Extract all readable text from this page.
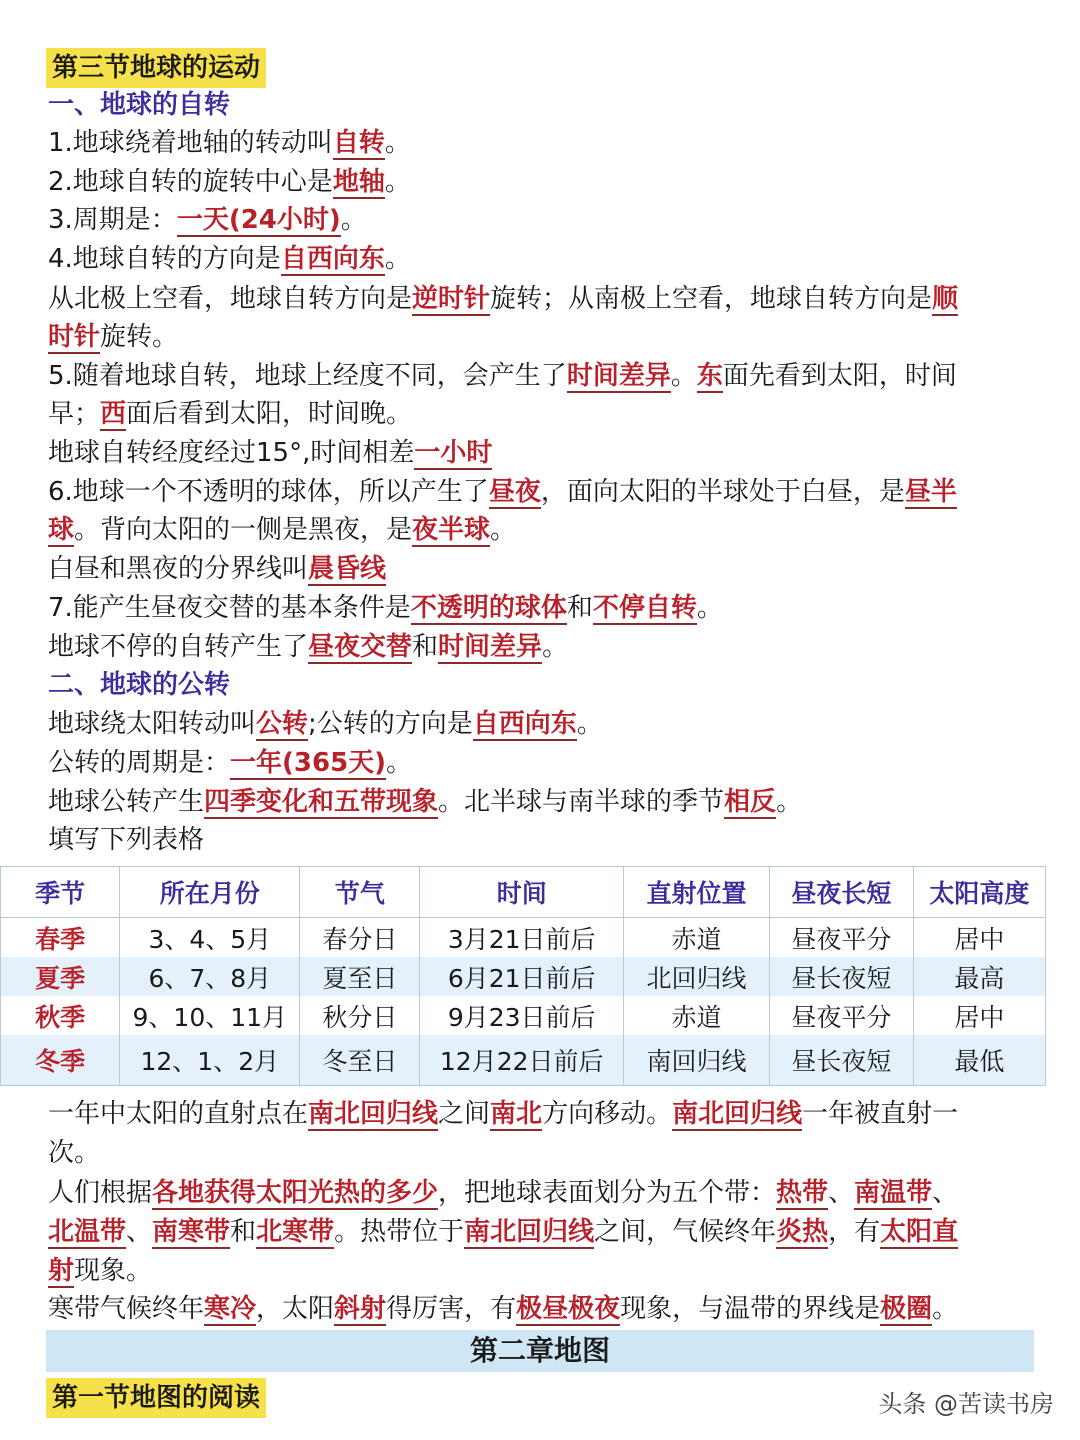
第三节地球的运动
一、地球的自转
1.地球绕着地轴的转动叫自转。
2.地球自转的旋转中心是地轴。
3.周期是：一天(24小时)。
4.地球自转的方向是自西向东。
从北极上空看，地球自转方向是逆时针旋转；从南极上空看，地球自转方向是顺
时针旋转。
5.随着地球自转，地球上经度不同，会产生了时间差异。东面先看到太阳，时间
早；西面后看到太阳，时间晚。
地球自转经度经过15°,时间相差一小时
6.地球一个不透明的球体，所以产生了昼夜，面向太阳的半球处于白昼，是昼半
球。背向太阳的一侧是黑夜，是夜半球。
白昼和黑夜的分界线叫晨昏线
7.能产生昼夜交替的基本条件是不透明的球体和不停自转。
地球不停的自转产生了昼夜交替和时间差异。
二、地球的公转
地球绕太阳转动叫公转;公转的方向是自西向东。
公转的周期是：一年(365天)。
地球公转产生四季变化和五带现象。北半球与南半球的季节相反。
填写下列表格
季节	所在月份	节气	时间	直射位置	昼夜长短	太阳高度
春季	3、4、5月	春分日	3月21日前后	赤道	昼夜平分	居中
夏季	6、7、8月	夏至日	6月21日前后	北回归线	昼长夜短	最高
秋季	9、10、11月	秋分日	9月23日前后	赤道	昼夜平分	居中
冬季	12、1、2月	冬至日	12月22日前后	南回归线	昼长夜短	最低
一年中太阳的直射点在南北回归线之间南北方向移动。南北回归线一年被直射一
次。
人们根据各地获得太阳光热的多少，把地球表面划分为五个带：热带、南温带、
北温带、南寒带和北寒带。热带位于南北回归线之间，气候终年炎热，有太阳直
射现象。
寒带气候终年寒冷，太阳斜射得厉害，有极昼极夜现象，与温带的界线是极圈。
第二章地图
第一节地图的阅读	头条 @苦读书房
